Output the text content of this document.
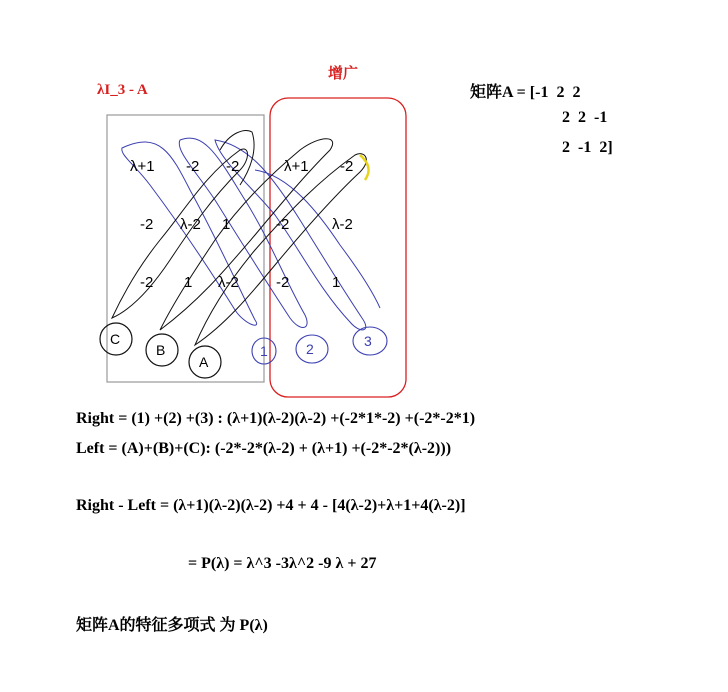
增广
λI_3 - A	矩阵A = [-1  2  2
2  2  -1
2  -1  2]
λ+1 -2 -2	λ+1 -2
-2 λ-2 1	-2	λ-2
-2 1 λ-2 -2	1
C
B
A
1	2	3
Right = (1) +(2) +(3) : (λ+1)(λ-2)(λ-2) +(-2*1*-2) +(-2*-2*1)
Left = (A)+(B)+(C): (-2*-2*(λ-2) + (λ+1) +(-2*-2*(λ-2)))
Right - Left = (λ+1)(λ-2)(λ-2) +4 + 4 - [4(λ-2)+λ+1+4(λ-2)]
= P(λ) = λ^3 -3λ^2 -9 λ + 27
矩阵A的特征多项式 为 P(λ)
